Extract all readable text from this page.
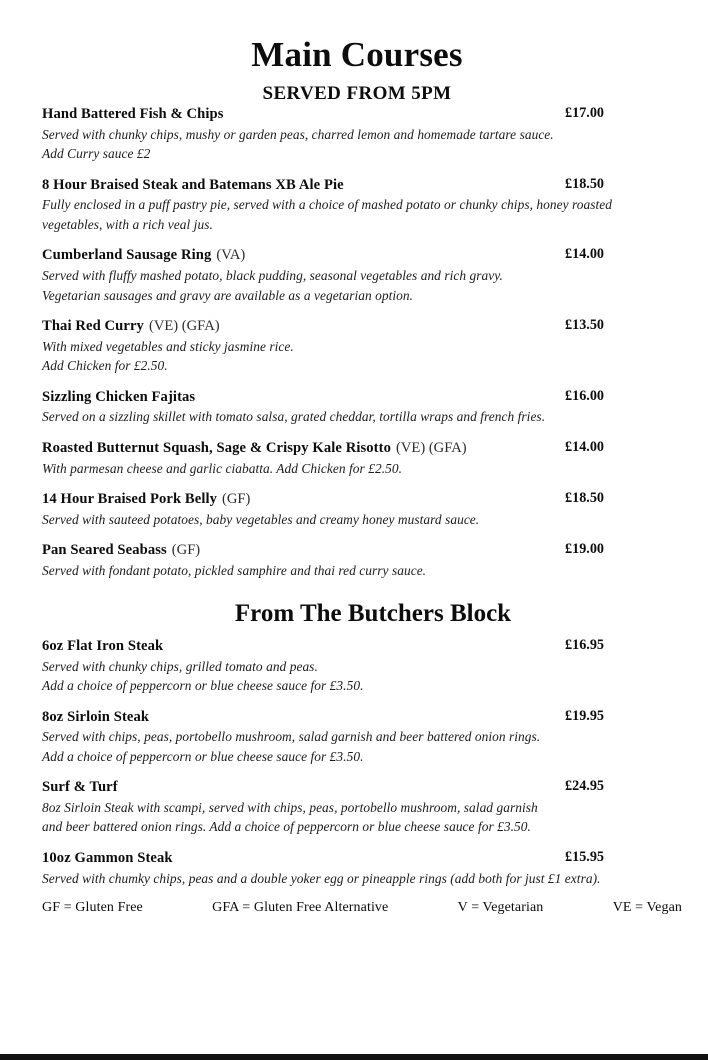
Main Courses
SERVED FROM 5PM
Hand Battered Fish & Chips	£17.00
Served with chunky chips, mushy or garden peas, charred lemon and homemade tartare sauce.
Add Curry sauce £2
8 Hour Braised Steak and Batemans XB Ale Pie	£18.50
Fully enclosed in a puff pastry pie, served with a choice of mashed potato or chunky chips, honey roasted
vegetables, with a rich veal jus.
Cumberland Sausage Ring (VA)	£14.00
Served with fluffy mashed potato, black pudding, seasonal vegetables and rich gravy.
Vegetarian sausages and gravy are available as a vegetarian option.
Thai Red Curry (VE) (GFA)	£13.50
With mixed vegetables and sticky jasmine rice.
Add Chicken for £2.50.
Sizzling Chicken Fajitas	£16.00
Served on a sizzling skillet with tomato salsa, grated cheddar, tortilla wraps and french fries.
Roasted Butternut Squash, Sage & Crispy Kale Risotto (VE) (GFA)	£14.00
With parmesan cheese and garlic ciabatta. Add Chicken for £2.50.
14 Hour Braised Pork Belly (GF)	£18.50
Served with sauteed potatoes, baby vegetables and creamy honey mustard sauce.
Pan Seared Seabass (GF)	£19.00
Served with fondant potato, pickled samphire and thai red curry sauce.
From The Butchers Block
6oz Flat Iron Steak	£16.95
Served with chunky chips, grilled tomato and peas.
Add a choice of peppercorn or blue cheese sauce for £3.50.
8oz Sirloin Steak	£19.95
Served with chips, peas, portobello mushroom, salad garnish and beer battered onion rings.
Add a choice of peppercorn or blue cheese sauce for £3.50.
Surf & Turf	£24.95
8oz Sirloin Steak with scampi, served with chips, peas, portobello mushroom, salad garnish
and beer battered onion rings. Add a choice of peppercorn or blue cheese sauce for £3.50.
10oz Gammon Steak	£15.95
Served with chumky chips, peas and a double yoker egg or pineapple rings (add both for just £1 extra).
GF = Gluten Free	GFA = Gluten Free Alternative	V = Vegetarian	VE = Vegan
